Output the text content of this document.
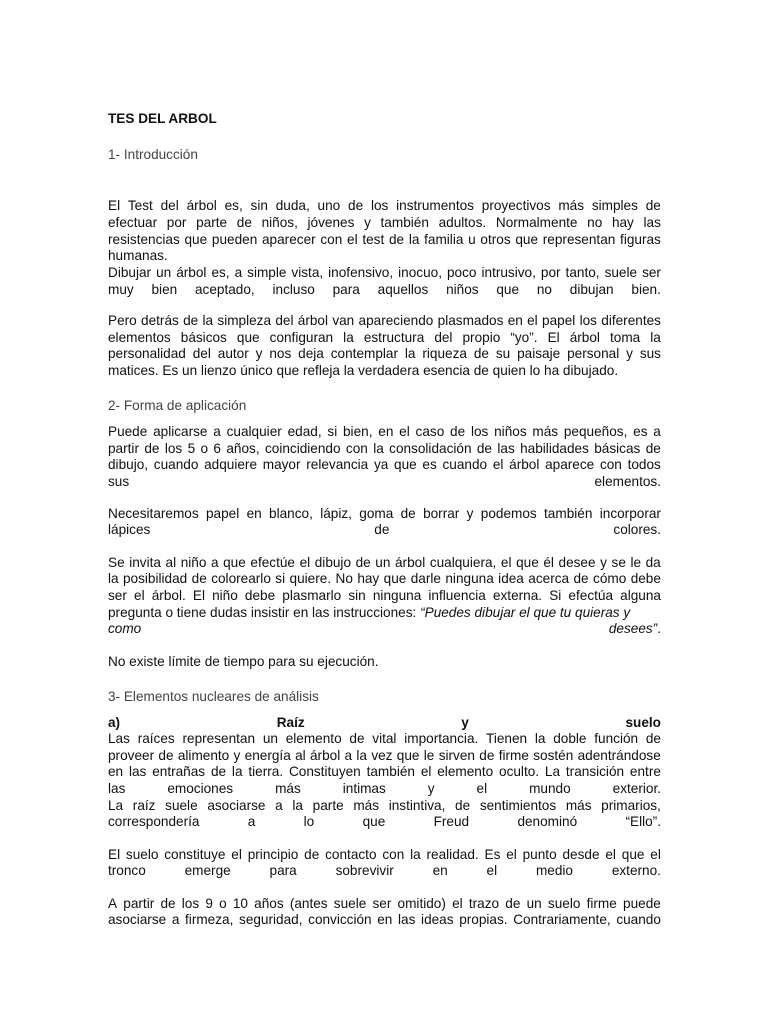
TES DEL ARBOL
1- Introducción
El Test del árbol es, sin duda, uno de los instrumentos proyectivos más simples de
efectuar por parte de niños, jóvenes y también adultos. Normalmente no hay las
resistencias que pueden aparecer con el test de la familia u otros que representan figuras
humanas.
Dibujar un árbol es, a simple vista, inofensivo, inocuo, poco intrusivo, por tanto, suele ser
muy bien aceptado, incluso para aquellos niños que no dibujan bien.
Pero detrás de la simpleza del árbol van apareciendo plasmados en el papel los diferentes
elementos básicos que configuran la estructura del propio “yo”. El árbol toma la
personalidad del autor y nos deja contemplar la riqueza de su paisaje personal y sus
matices. Es un lienzo único que refleja la verdadera esencia de quien lo ha dibujado.
2- Forma de aplicación
Puede aplicarse a cualquier edad, si bien, en el caso de los niños más pequeños, es a
partir de los 5 o 6 años, coincidiendo con la consolidación de las habilidades básicas de
dibujo, cuando adquiere mayor relevancia ya que es cuando el árbol aparece con todos
sus	elementos.
Necesitaremos papel en blanco, lápiz, goma de borrar y podemos también incorporar
lápices	de	colores.
Se invita al niño a que efectúe el dibujo de un árbol cualquiera, el que él desee y se le da
la posibilidad de colorearlo si quiere. No hay que darle ninguna idea acerca de cómo debe
ser el árbol. El niño debe plasmarlo sin ninguna influencia externa. Si efectúa alguna
pregunta o tiene dudas insistir en las instrucciones: “Puedes dibujar el que tu quieras y
como	desees”.
No existe límite de tiempo para su ejecución.
3- Elementos nucleares de análisis
a)	Raíz	y	suelo
Las raíces representan un elemento de vital importancia. Tienen la doble función de
proveer de alimento y energía al árbol a la vez que le sirven de firme sostén adentrándose
en las entrañas de la tierra. Constituyen también el elemento oculto. La transición entre
las	emociones	más	intimas	y	el	mundo	exterior.
La raíz suele asociarse a la parte más instintiva, de sentimientos más primarios,
correspondería	a	lo	que	Freud	denominó	“Ello”.
El suelo constituye el principio de contacto con la realidad. Es el punto desde el que el
tronco	emerge	para	sobrevivir	en	el	medio	externo.
A partir de los 9 o 10 años (antes suele ser omitido) el trazo de un suelo firme puede
asociarse a firmeza, seguridad, convicción en las ideas propias. Contrariamente, cuando
